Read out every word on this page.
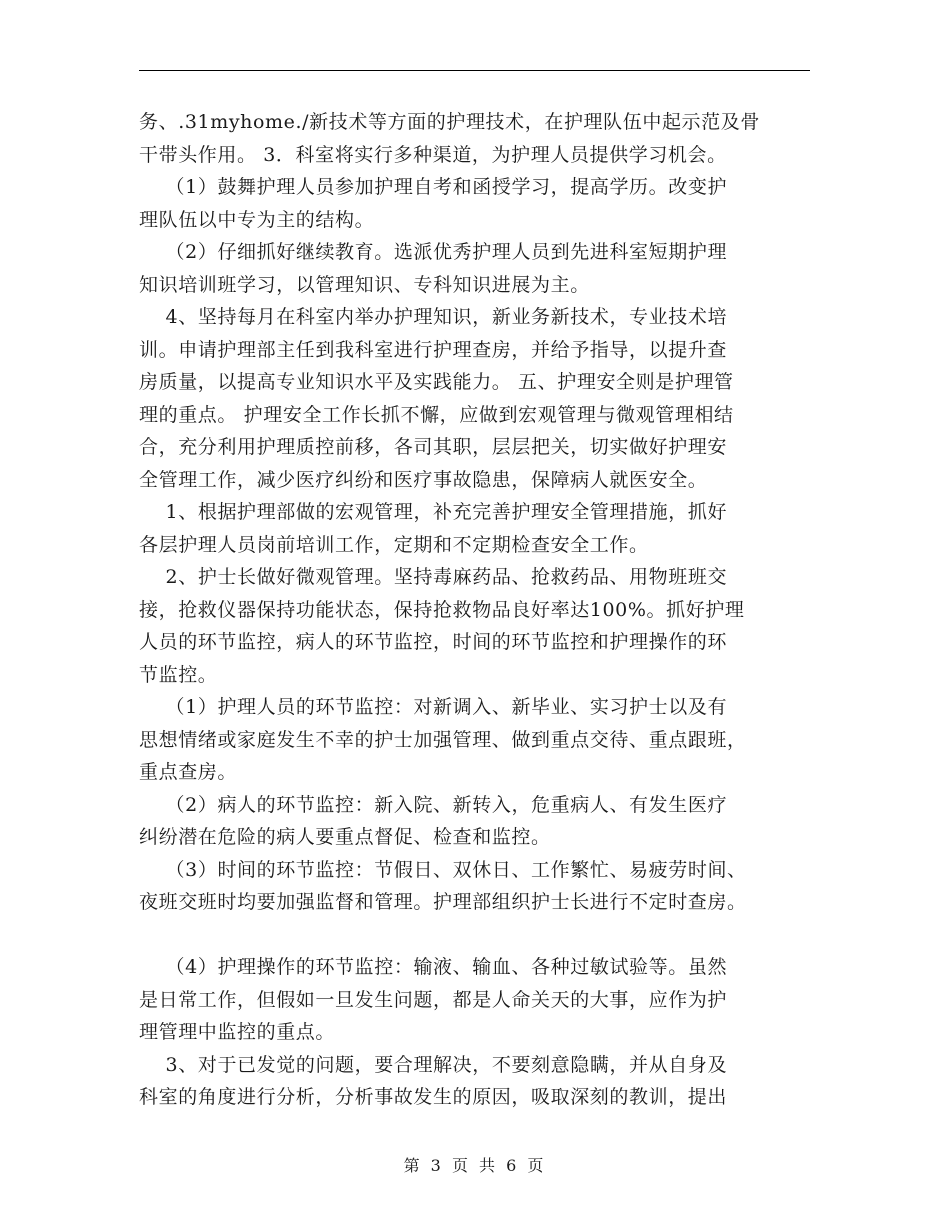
务、.31myhome./新技术等方面的护理技术，在护理队伍中起示范及骨
干带头作用。 3．科室将实行多种渠道，为护理人员提供学习机会。
（1）鼓舞护理人员参加护理自考和函授学习，提高学历。改变护
理队伍以中专为主的结构。
（2）仔细抓好继续教育。选派优秀护理人员到先进科室短期护理
知识培训班学习，以管理知识、专科知识进展为主。
4、坚持每月在科室内举办护理知识，新业务新技术，专业技术培
训。申请护理部主任到我科室进行护理查房，并给予指导，以提升查
房质量，以提高专业知识水平及实践能力。 五、护理安全则是护理管
理的重点。 护理安全工作长抓不懈，应做到宏观管理与微观管理相结
合，充分利用护理质控前移，各司其职，层层把关，切实做好护理安
全管理工作，减少医疗纠纷和医疗事故隐患，保障病人就医安全。
1、根据护理部做的宏观管理，补充完善护理安全管理措施，抓好
各层护理人员岗前培训工作，定期和不定期检查安全工作。
2、护士长做好微观管理。坚持毒麻药品、抢救药品、用物班班交
接，抢救仪器保持功能状态，保持抢救物品良好率达100%。抓好护理
人员的环节监控，病人的环节监控，时间的环节监控和护理操作的环
节监控。
（1）护理人员的环节监控：对新调入、新毕业、实习护士以及有
思想情绪或家庭发生不幸的护士加强管理、做到重点交待、重点跟班，
重点查房。
（2）病人的环节监控：新入院、新转入，危重病人、有发生医疗
纠纷潜在危险的病人要重点督促、检查和监控。
（3）时间的环节监控：节假日、双休日、工作繁忙、易疲劳时间、
夜班交班时均要加强监督和管理。护理部组织护士长进行不定时查房。
（4）护理操作的环节监控：输液、输血、各种过敏试验等。虽然
是日常工作，但假如一旦发生问题，都是人命关天的大事，应作为护
理管理中监控的重点。
3、对于已发觉的问题，要合理解决，不要刻意隐瞒，并从自身及
科室的角度进行分析，分析事故发生的原因，吸取深刻的教训，提出
第 3 页 共 6 页
